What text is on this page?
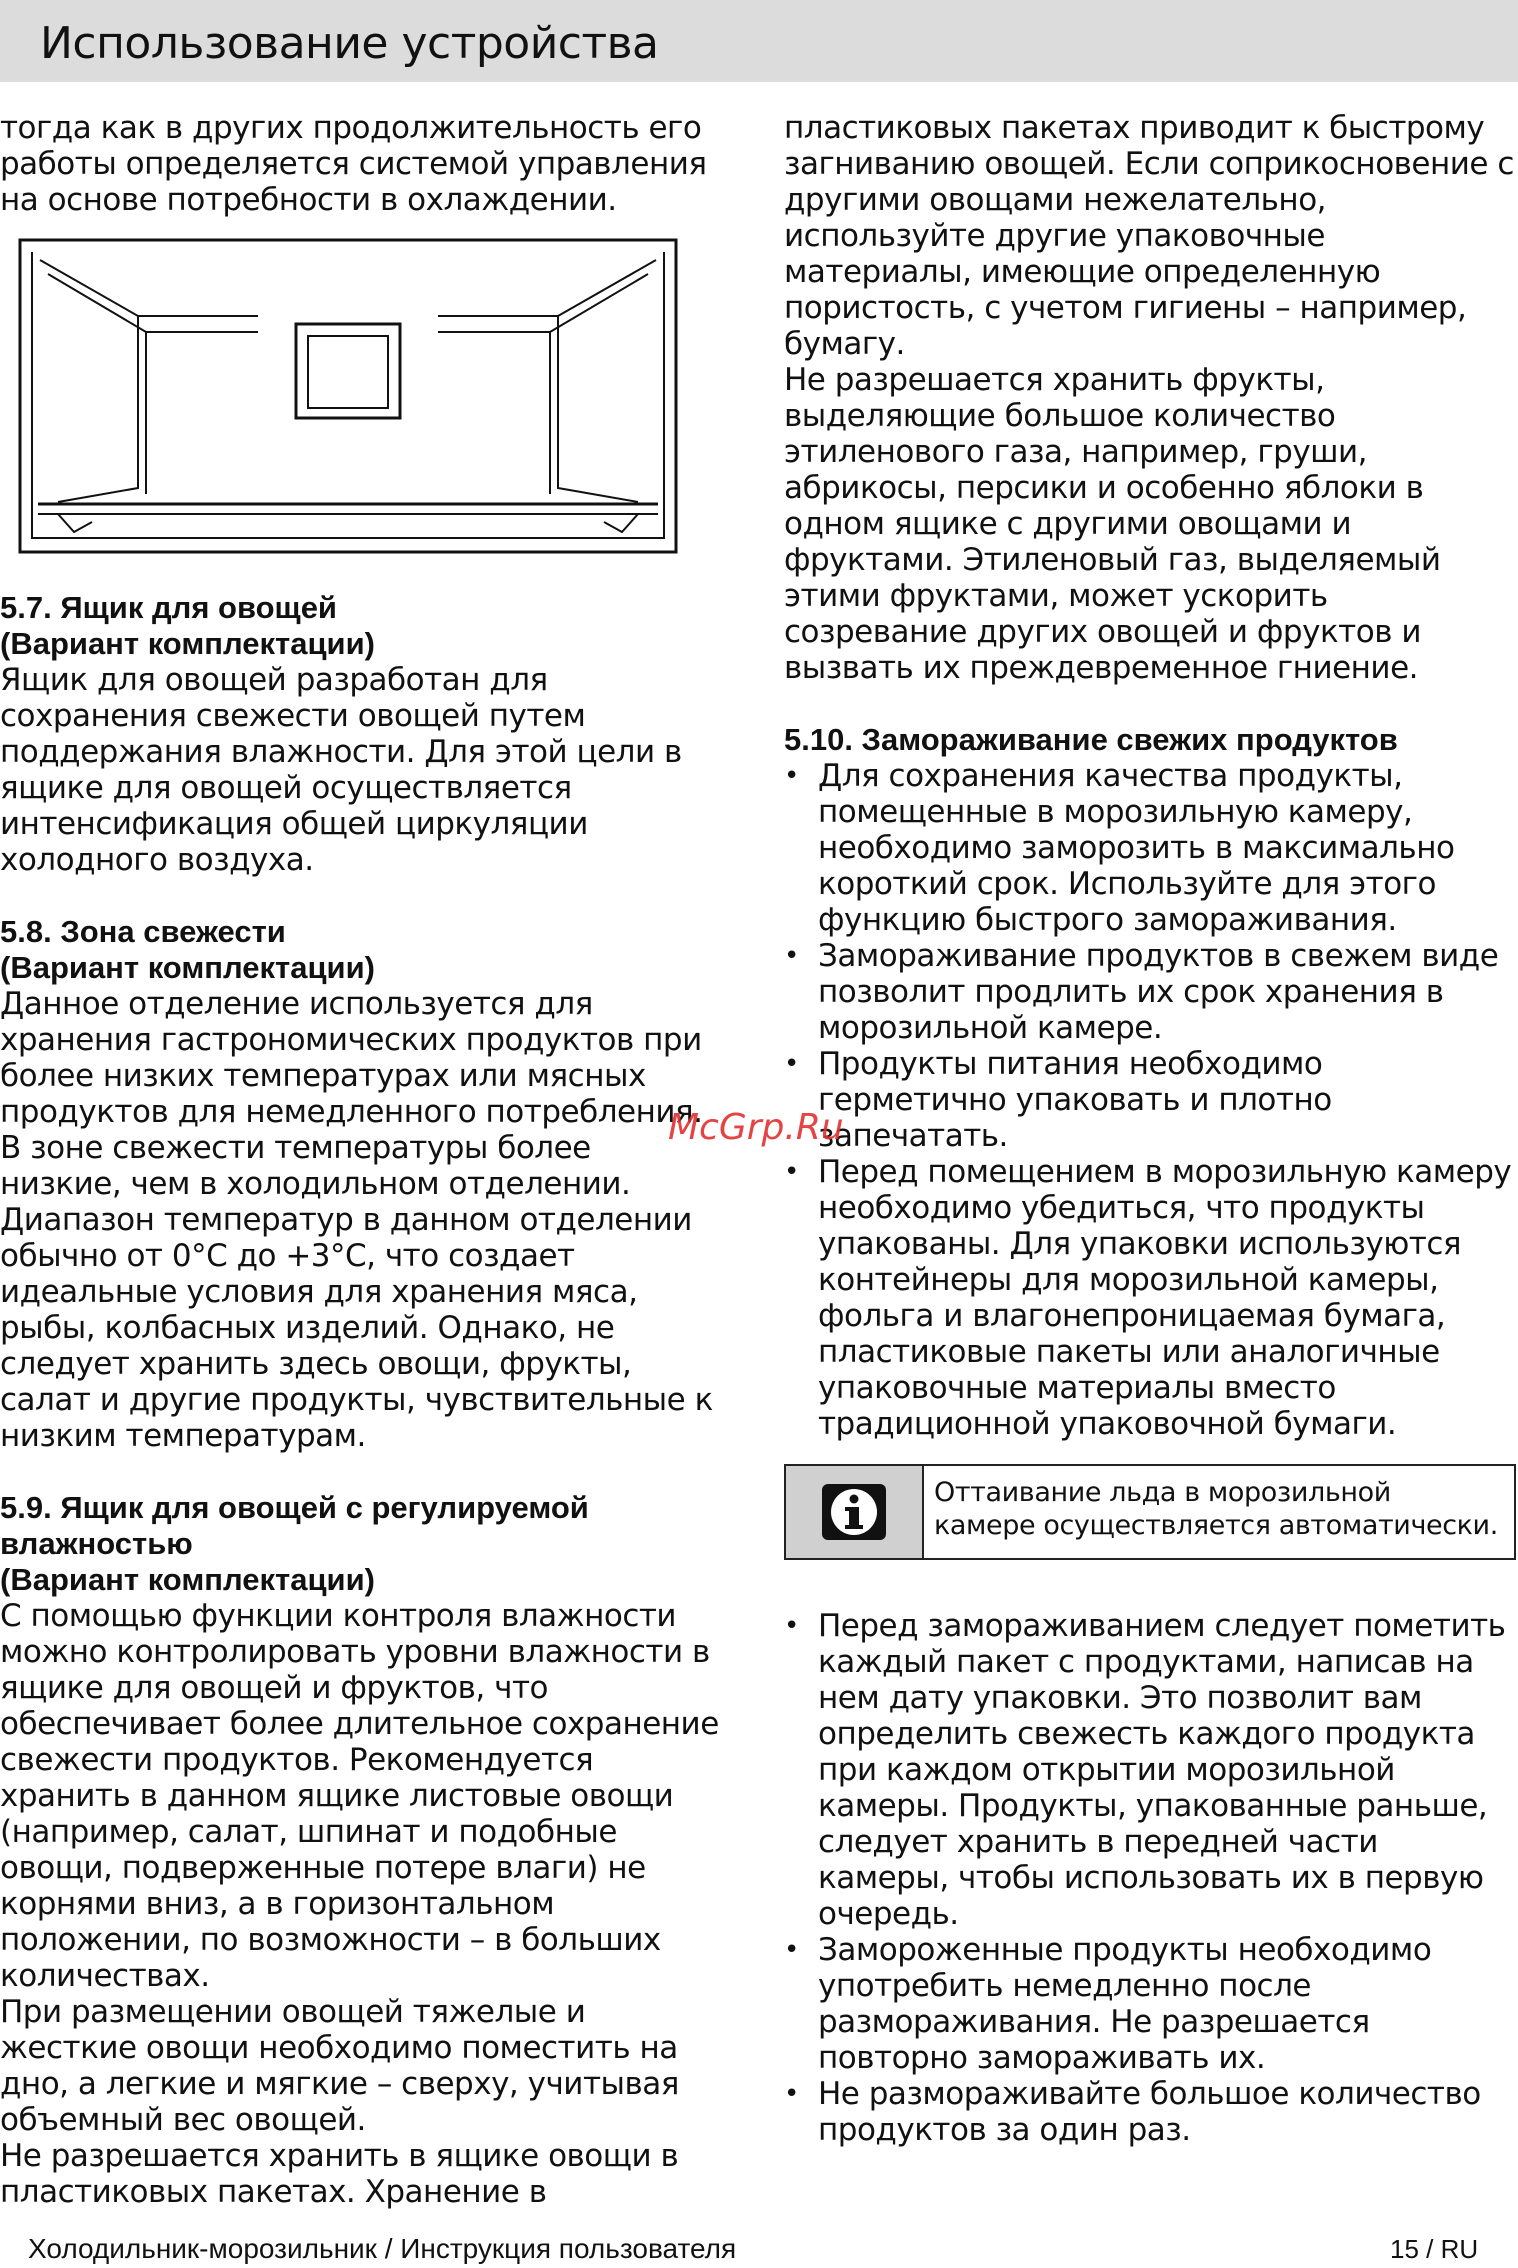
Использование устройства

тогда как в других продолжительность его работы определяется системой управления на основе потребности в охлаждении.

5.7. Ящик для овощей
(Вариант комплектации)

Ящик для овощей разработан для сохранения свежести овощей путем поддержания влажности. Для этой цели в ящике для овощей осуществляется интенсификация общей циркуляции холодного воздуха.

5.8. Зона свежести
(Вариант комплектации)

Данное отделение используется для хранения гастрономических продуктов при более низких температурах или мясных продуктов для немедленного потребления. В зоне свежести температуры более низкие, чем в холодильном отделении. Диапазон температур в данном отделении обычно от 0°C до +3°C, что создает идеальные условия для хранения мяса, рыбы, колбасных изделий. Однако, не следует хранить здесь овощи, фрукты, салат и другие продукты, чувствительные к низким температурам.

5.9. Ящик для овощей с регулируемой
влажностью
(Вариант комплектации)

С помощью функции контроля влажности можно контролировать уровни влажности в ящике для овощей и фруктов, что обеспечивает более длительное сохранение свежести продуктов. Рекомендуется хранить в данном ящике листовые овощи (например, салат, шпинат и подобные овощи, подверженные потере влаги) не корнями вниз, а в горизонтальном положении, по возможности – в больших количествах.

При размещении овощей тяжелые и жесткие овощи необходимо поместить на дно, а легкие и мягкие – сверху, учитывая объемный вес овощей.

Не разрешается хранить в ящике овощи в пластиковых пакетах. Хранение в

пластиковых пакетах приводит к быстрому загниванию овощей. Если соприкосновение с другими овощами нежелательно, используйте другие упаковочные материалы, имеющие определенную пористость, с учетом гигиены – например, бумагу.

Не разрешается хранить фрукты, выделяющие большое количество этиленового газа, например, груши, абрикосы, персики и особенно яблоки в одном ящике с другими овощами и фруктами. Этиленовый газ, выделяемый этими фруктами, может ускорить созревание других овощей и фруктов и вызвать их преждевременное гниение.

5.10. Замораживание свежих продуктов
• Для сохранения качества продукты, помещенные в морозильную камеру, необходимо заморозить в максимально короткий срок. Используйте для этого функцию быстрого замораживания.
• Замораживание продуктов в свежем виде позволит продлить их срок хранения в морозильной камере.
• Продукты питания необходимо герметично упаковать и плотно запечатать.
• Перед помещением в морозильную камеру необходимо убедиться, что продукты упакованы. Для упаковки используются контейнеры для морозильной камеры, фольга и влагонепроницаемая бумага, пластиковые пакеты или аналогичные упаковочные материалы вместо традиционной упаковочной бумаги.
Оттаивание льда в морозильной
камере осуществляется автоматически.
• Перед замораживанием следует пометить каждый пакет с продуктами, написав на нем дату упаковки. Это позволит вам определить свежесть каждого продукта при каждом открытии морозильной камеры. Продукты, упакованные раньше, следует хранить в передней части камеры, чтобы использовать их в первую очередь.
• Замороженные продукты необходимо употребить немедленно после размораживания. Не разрешается повторно замораживать их.
• Не размораживайте большое количество продуктов за один раз.
McGrp.Ru
Холодильник-морозильник / Инструкция пользователя	15 / RU
